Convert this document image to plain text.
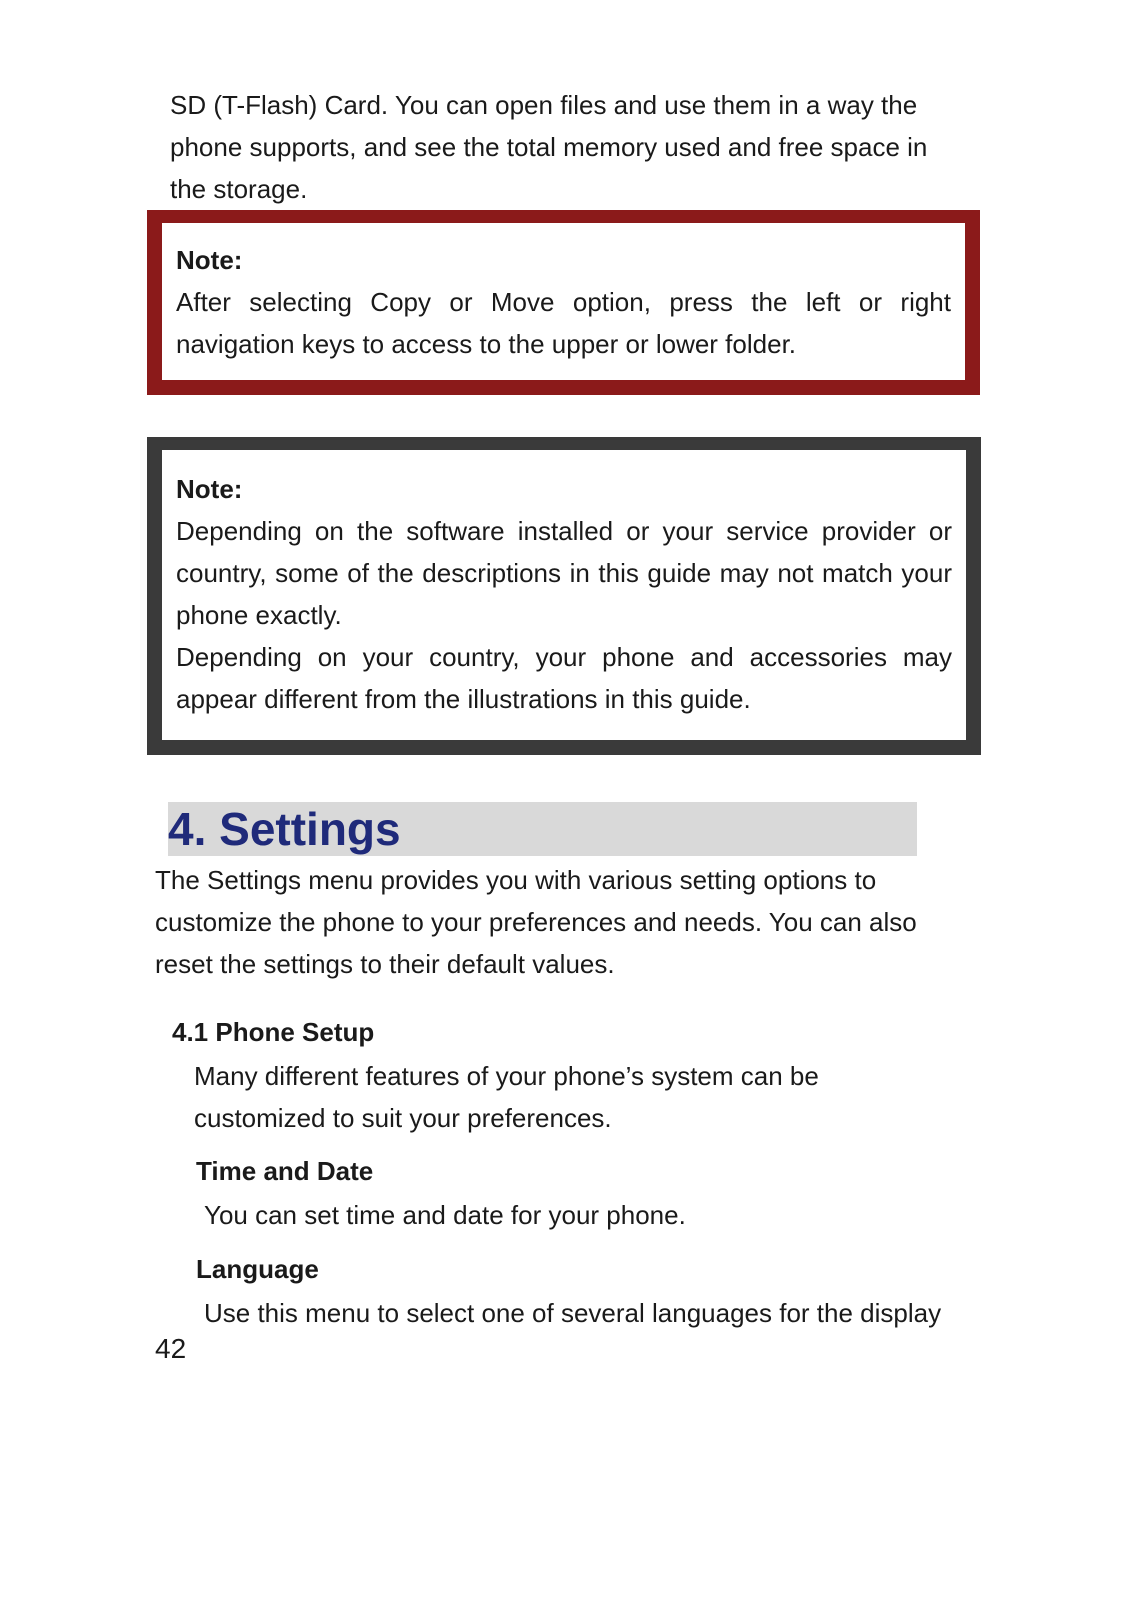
SD (T-Flash) Card. You can open files and use them in a way the phone supports, and see the total memory used and free space in the storage.

Note:

After selecting Copy or Move option, press the left or right navigation keys to access to the upper or lower folder.

Note:

Depending on the software installed or your service provider or country, some of the descriptions in this guide may not match your phone exactly.

Depending on your country, your phone and accessories may appear different from the illustrations in this guide.

4. Settings

The Settings menu provides you with various setting options to customize the phone to your preferences and needs. You can also reset the settings to their default values.

4.1 Phone Setup

Many different features of your phone’s system can be customized to suit your preferences.

Time and Date

You can set time and date for your phone.

Language

Use this menu to select one of several languages for the display

42
